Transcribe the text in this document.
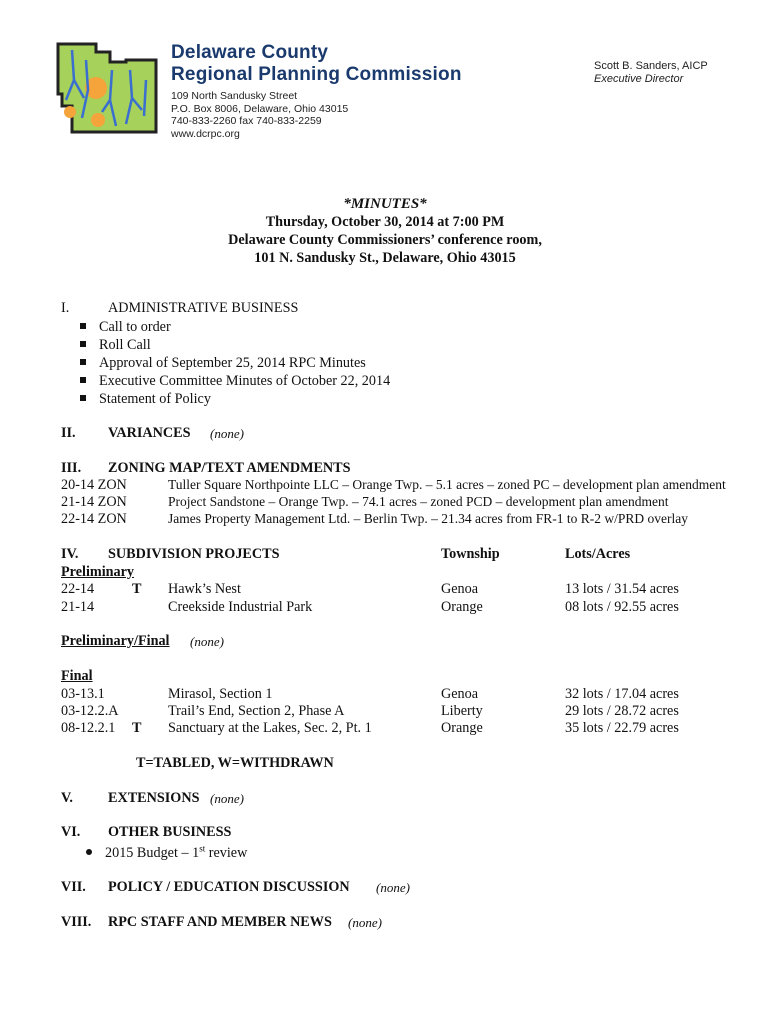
Delaware County
Regional Planning Commission
109 North Sandusky Street
P.O. Box 8006, Delaware, Ohio 43015
740-833-2260 fax 740-833-2259
www.dcrpc.org
Scott B. Sanders, AICP
Executive Director
*MINUTES*
Thursday, October 30, 2014 at 7:00 PM
Delaware County Commissioners’ conference room,
101 N. Sandusky St., Delaware, Ohio 43015
I.	ADMINISTRATIVE BUSINESS
Call to order
Roll Call
Approval of September 25, 2014 RPC Minutes
Executive Committee Minutes of October 22, 2014
Statement of Policy
II. VARIANCES (none)
III. ZONING MAP/TEXT AMENDMENTS
20-14 ZON	Tuller Square Northpointe LLC – Orange Twp. – 5.1 acres – zoned PC – development plan amendment
21-14 ZON	Project Sandstone – Orange Twp. – 74.1 acres – zoned PCD – development plan amendment
22-14 ZON	James Property Management Ltd. – Berlin Twp. – 21.34 acres from FR-1 to R-2 w/PRD overlay
IV. SUBDIVISION PROJECTS	Township	Lots/Acres
Preliminary
22-14	T Hawk’s Nest	Genoa	13 lots / 31.54 acres
21-14	Creekside Industrial Park	Orange	08 lots / 92.55 acres
Preliminary/Final (none)
Final
03-13.1	Mirasol, Section 1	Genoa	32 lots / 17.04 acres
03-12.2.A	Trail’s End, Section 2, Phase A	Liberty	29 lots / 28.72 acres
08-12.2.1 T Sanctuary at the Lakes, Sec. 2, Pt. 1	Orange	35 lots / 22.79 acres
T=TABLED, W=WITHDRAWN
V. EXTENSIONS (none)
VI. OTHER BUSINESS
2015 Budget – 1st review
VII. POLICY / EDUCATION DISCUSSION (none)
VIII. RPC STAFF AND MEMBER NEWS (none)
